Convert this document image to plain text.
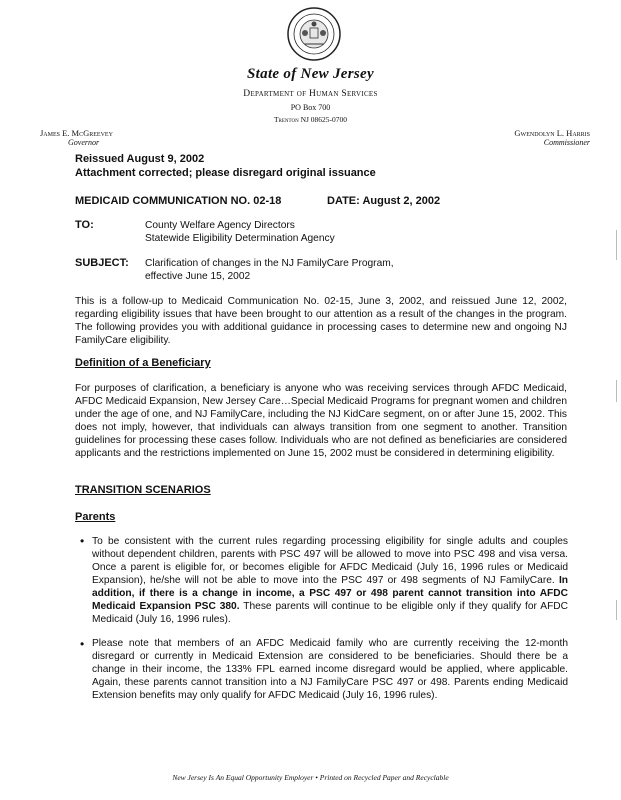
State of New Jersey
Department of Human Services
PO Box 700
Trenton NJ 08625-0700
James E. McGreevey
Governor
Gwendolyn L. Harris
Commissioner
Reissued August 9, 2002
Attachment corrected; please disregard original issuance
MEDICAID COMMUNICATION NO. 02-18	DATE: August 2, 2002
TO:	County Welfare Agency Directors
Statewide Eligibility Determination Agency
SUBJECT: Clarification of changes in the NJ FamilyCare Program,
effective June 15, 2002
This is a follow-up to Medicaid Communication No. 02-15, June 3, 2002, and reissued June 12, 2002, regarding eligibility issues that have been brought to our attention as a result of the changes in the program. The following provides you with additional guidance in processing cases to determine new and ongoing NJ FamilyCare eligibility.
Definition of a Beneficiary
For purposes of clarification, a beneficiary is anyone who was receiving services through AFDC Medicaid, AFDC Medicaid Expansion, New Jersey Care…Special Medicaid Programs for pregnant women and children under the age of one, and NJ FamilyCare, including the NJ KidCare segment, on or after June 15, 2002. This does not imply, however, that individuals can always transition from one segment to another. Transition guidelines for processing these cases follow. Individuals who are not defined as beneficiaries are considered applicants and the restrictions implemented on June 15, 2002 must be considered in determining eligibility.
TRANSITION SCENARIOS
Parents
• To be consistent with the current rules regarding processing eligibility for single adults and couples without dependent children, parents with PSC 497 will be allowed to move into PSC 498 and visa versa. Once a parent is eligible for, or becomes eligible for AFDC Medicaid (July 16, 1996 rules or Medicaid Expansion), he/she will not be able to move into the PSC 497 or 498 segments of NJ FamilyCare. In addition, if there is a change in income, a PSC 497 or 498 parent cannot transition into AFDC Medicaid Expansion PSC 380. These parents will continue to be eligible only if they qualify for AFDC Medicaid (July 16, 1996 rules).
• Please note that members of an AFDC Medicaid family who are currently receiving the 12-month disregard or currently in Medicaid Extension are considered to be beneficiaries. Should there be a change in their income, the 133% FPL earned income disregard would be applied, where applicable. Again, these parents cannot transition into a NJ FamilyCare PSC 497 or 498. Parents ending Medicaid Extension benefits may only qualify for AFDC Medicaid (July 16, 1996 rules).
New Jersey Is An Equal Opportunity Employer • Printed on Recycled Paper and Recyclable
